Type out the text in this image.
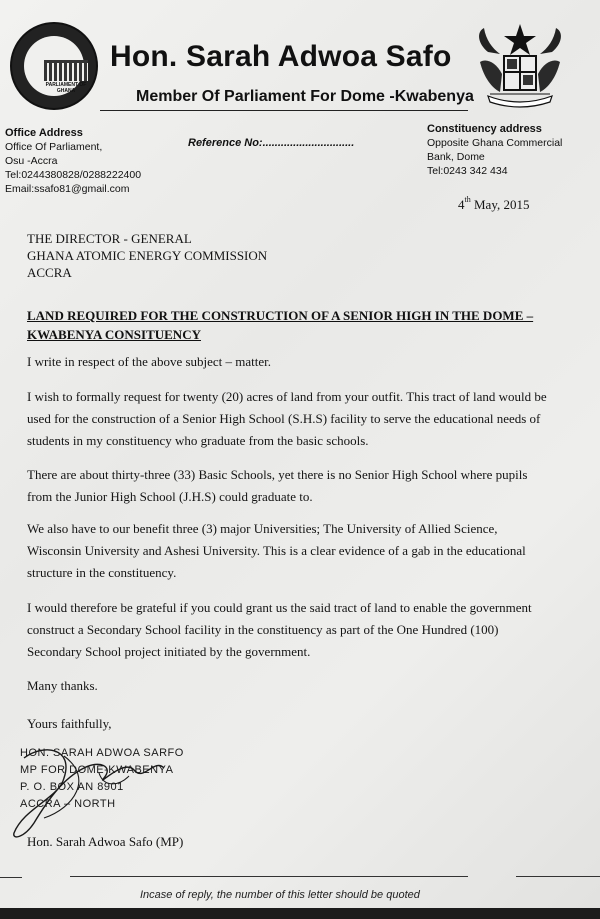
PARLIAMENT OF GHANA
Hon. Sarah Adwoa Safo
Member Of Parliament For Dome -Kwabenya
Office Address
Office Of Parliament,
Osu -Accra
Tel:0244380828/0288222400
Email:ssafo81@gmail.com
Reference No:..............................
Constituency address
Opposite Ghana Commercial
Bank, Dome
Tel:0243 342 434
4th May, 2015
THE DIRECTOR - GENERAL
GHANA ATOMIC ENERGY COMMISSION
ACCRA
LAND REQUIRED FOR THE CONSTRUCTION OF A SENIOR HIGH IN THE DOME – KWABENYA CONSITUENCY
I write in respect of the above subject – matter.
I wish to formally request for twenty (20) acres of land from your outfit. This tract of land would be used for the construction of a Senior High School (S.H.S) facility to serve the educational needs of students in my constituency who graduate from the basic schools.
There are about thirty-three (33) Basic Schools, yet there is no Senior High School where pupils from the Junior High School (J.H.S) could graduate to.
We also have to our benefit three (3) major Universities; The University of Allied Science, Wisconsin University and Ashesi University. This is a clear evidence of a gab in the educational structure in the constituency.
I would therefore be grateful if you could grant us the said tract of land to enable the government construct a Secondary School facility in the constituency as part of the One Hundred (100) Secondary School project initiated by the government.
Many thanks.
Yours faithfully,
HON. SARAH ADWOA SARFO
MP FOR DOME-KWABENYA
P. O. BOX AN 8901
ACCRA – NORTH
Hon. Sarah Adwoa Safo (MP)
Incase of reply, the number of this letter should be quoted
